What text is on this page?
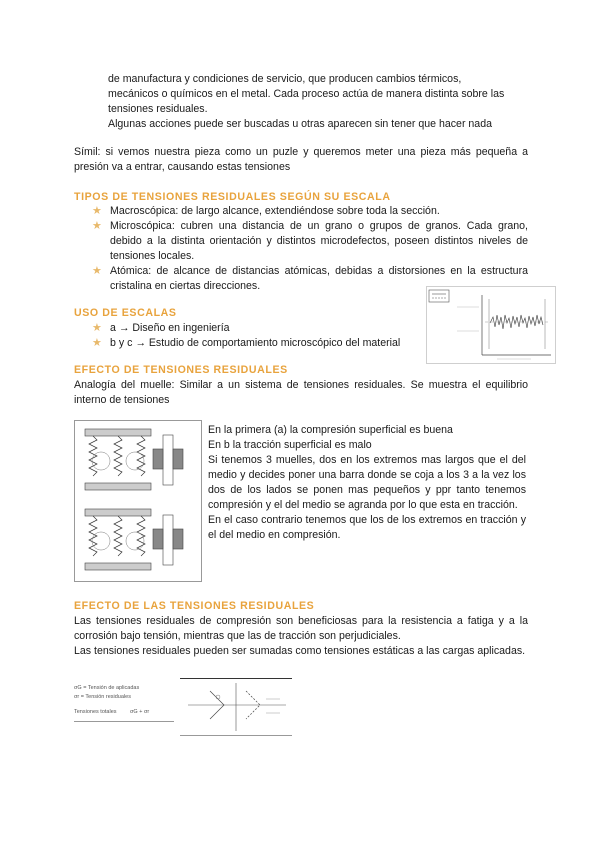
de manufactura y condiciones de servicio, que producen cambios térmicos,
mecánicos o químicos en el metal. Cada proceso actúa de manera distinta sobre las
tensiones residuales.
Algunas acciones puede ser buscadas u otras aparecen sin tener que hacer nada
Símil: si vemos nuestra pieza como un puzle y queremos meter una pieza más pequeña a presión va a entrar, causando estas tensiones
TIPOS DE TENSIONES RESIDUALES SEGÚN SU ESCALA
★ Macroscópica: de largo alcance, extendiéndose sobre toda la sección.
★ Microscópica: cubren una distancia de un grano o grupos de granos. Cada grano, debido a la distinta orientación y distintos microdefectos, poseen distintos niveles de tensiones locales.
★ Atómica: de alcance de distancias atómicas, debidas a distorsiones en la estructura cristalina en ciertas direcciones.
USO DE ESCALAS
★ a → Diseño en ingeniería
★ b y c → Estudio de comportamiento microscópico del material
EFECTO DE TENSIONES RESIDUALES
Analogía del muelle: Similar a un sistema de tensiones residuales. Se muestra el equilibrio interno de tensiones
En la primera (a) la compresión superficial es buena
En b la tracción superficial es malo
Si tenemos 3 muelles, dos en los extremos mas largos que el del medio y decides poner una barra donde se coja a los 3 a la vez los dos de los lados se ponen mas pequeños y ppr tanto tenemos compresión y el del medio se agranda por lo que esta en tracción.
En el caso contrario tenemos que los de los extremos en tracción y el del medio en compresión.
EFECTO DE LAS TENSIONES RESIDUALES
Las tensiones residuales de compresión son beneficiosas para la resistencia a fatiga y a la corrosión bajo tensión, mientras que las de tracción son perjudiciales.
Las tensiones residuales pueden ser sumadas como tensiones estáticas a las cargas aplicadas.
σG = Tensión de aplicadas
σr = Tensión residuales
Tensiones totales σG + σr
